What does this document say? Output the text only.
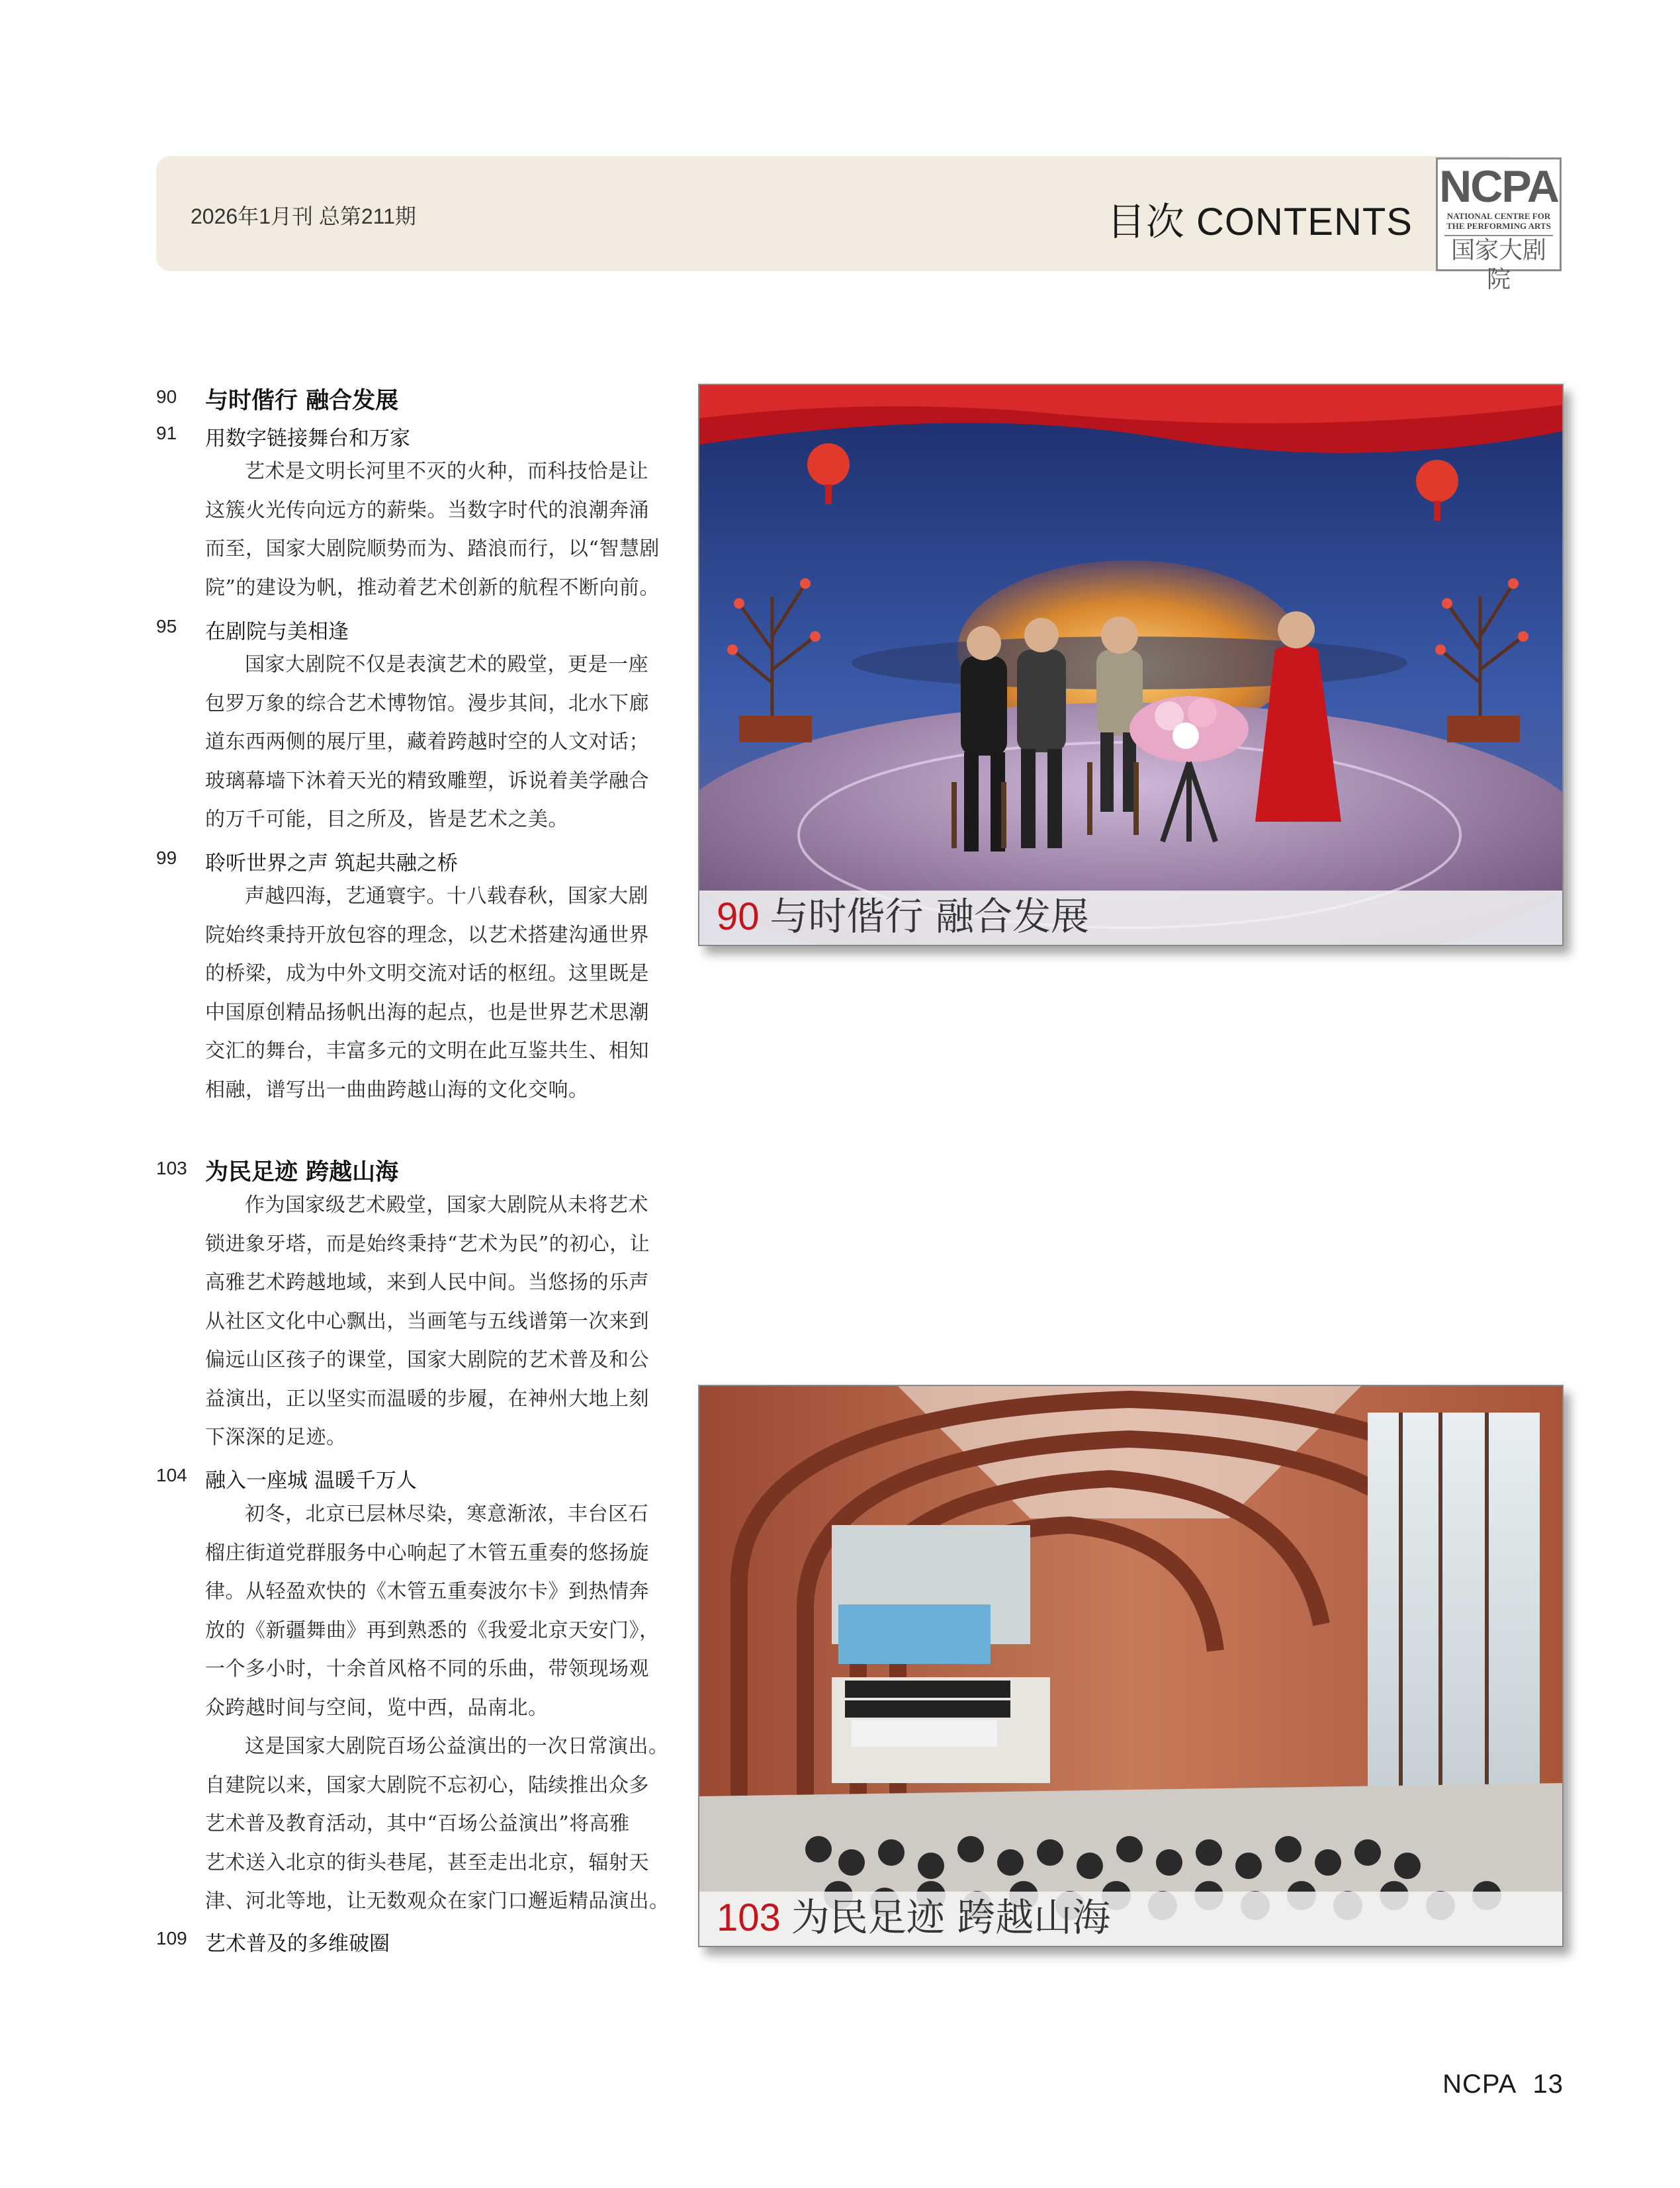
2026年1月刊 总第211期	目次 CONTENTS
NCPA
NATIONAL CENTRE FOR
THE PERFORMING ARTS
国家大剧院
90 与时偕行 融合发展
91 用数字链接舞台和万家
艺术是文明长河里不灭的火种，而科技恰是让
这簇火光传向远方的薪柴。当数字时代的浪潮奔涌
而至，国家大剧院顺势而为、踏浪而行，以“智慧剧
院”的建设为帆，推动着艺术创新的航程不断向前。
95 在剧院与美相逢
国家大剧院不仅是表演艺术的殿堂，更是一座
包罗万象的综合艺术博物馆。漫步其间，北水下廊
道东西两侧的展厅里，藏着跨越时空的人文对话；
玻璃幕墙下沐着天光的精致雕塑，诉说着美学融合
的万千可能，目之所及，皆是艺术之美。
99 聆听世界之声 筑起共融之桥
声越四海，艺通寰宇。十八载春秋，国家大剧
院始终秉持开放包容的理念，以艺术搭建沟通世界
的桥梁，成为中外文明交流对话的枢纽。这里既是
中国原创精品扬帆出海的起点，也是世界艺术思潮
交汇的舞台，丰富多元的文明在此互鉴共生、相知
相融，谱写出一曲曲跨越山海的文化交响。
103 为民足迹 跨越山海
作为国家级艺术殿堂，国家大剧院从未将艺术
锁进象牙塔，而是始终秉持“艺术为民”的初心，让
高雅艺术跨越地域，来到人民中间。当悠扬的乐声
从社区文化中心飘出，当画笔与五线谱第一次来到
偏远山区孩子的课堂，国家大剧院的艺术普及和公
益演出，正以坚实而温暖的步履，在神州大地上刻
下深深的足迹。
104 融入一座城 温暖千万人
初冬，北京已层林尽染，寒意渐浓，丰台区石
榴庄街道党群服务中心响起了木管五重奏的悠扬旋
律。从轻盈欢快的《木管五重奏波尔卡》到热情奔
放的《新疆舞曲》再到熟悉的《我爱北京天安门》，
一个多小时，十余首风格不同的乐曲，带领现场观
众跨越时间与空间，览中西，品南北。
这是国家大剧院百场公益演出的一次日常演出。
自建院以来，国家大剧院不忘初心，陆续推出众多
艺术普及教育活动，其中“百场公益演出”将高雅
艺术送入北京的街头巷尾，甚至走出北京，辐射天
津、河北等地，让无数观众在家门口邂逅精品演出。
109 艺术普及的多维破圈
90 与时偕行 融合发展
103 为民足迹 跨越山海
NCPA 13
